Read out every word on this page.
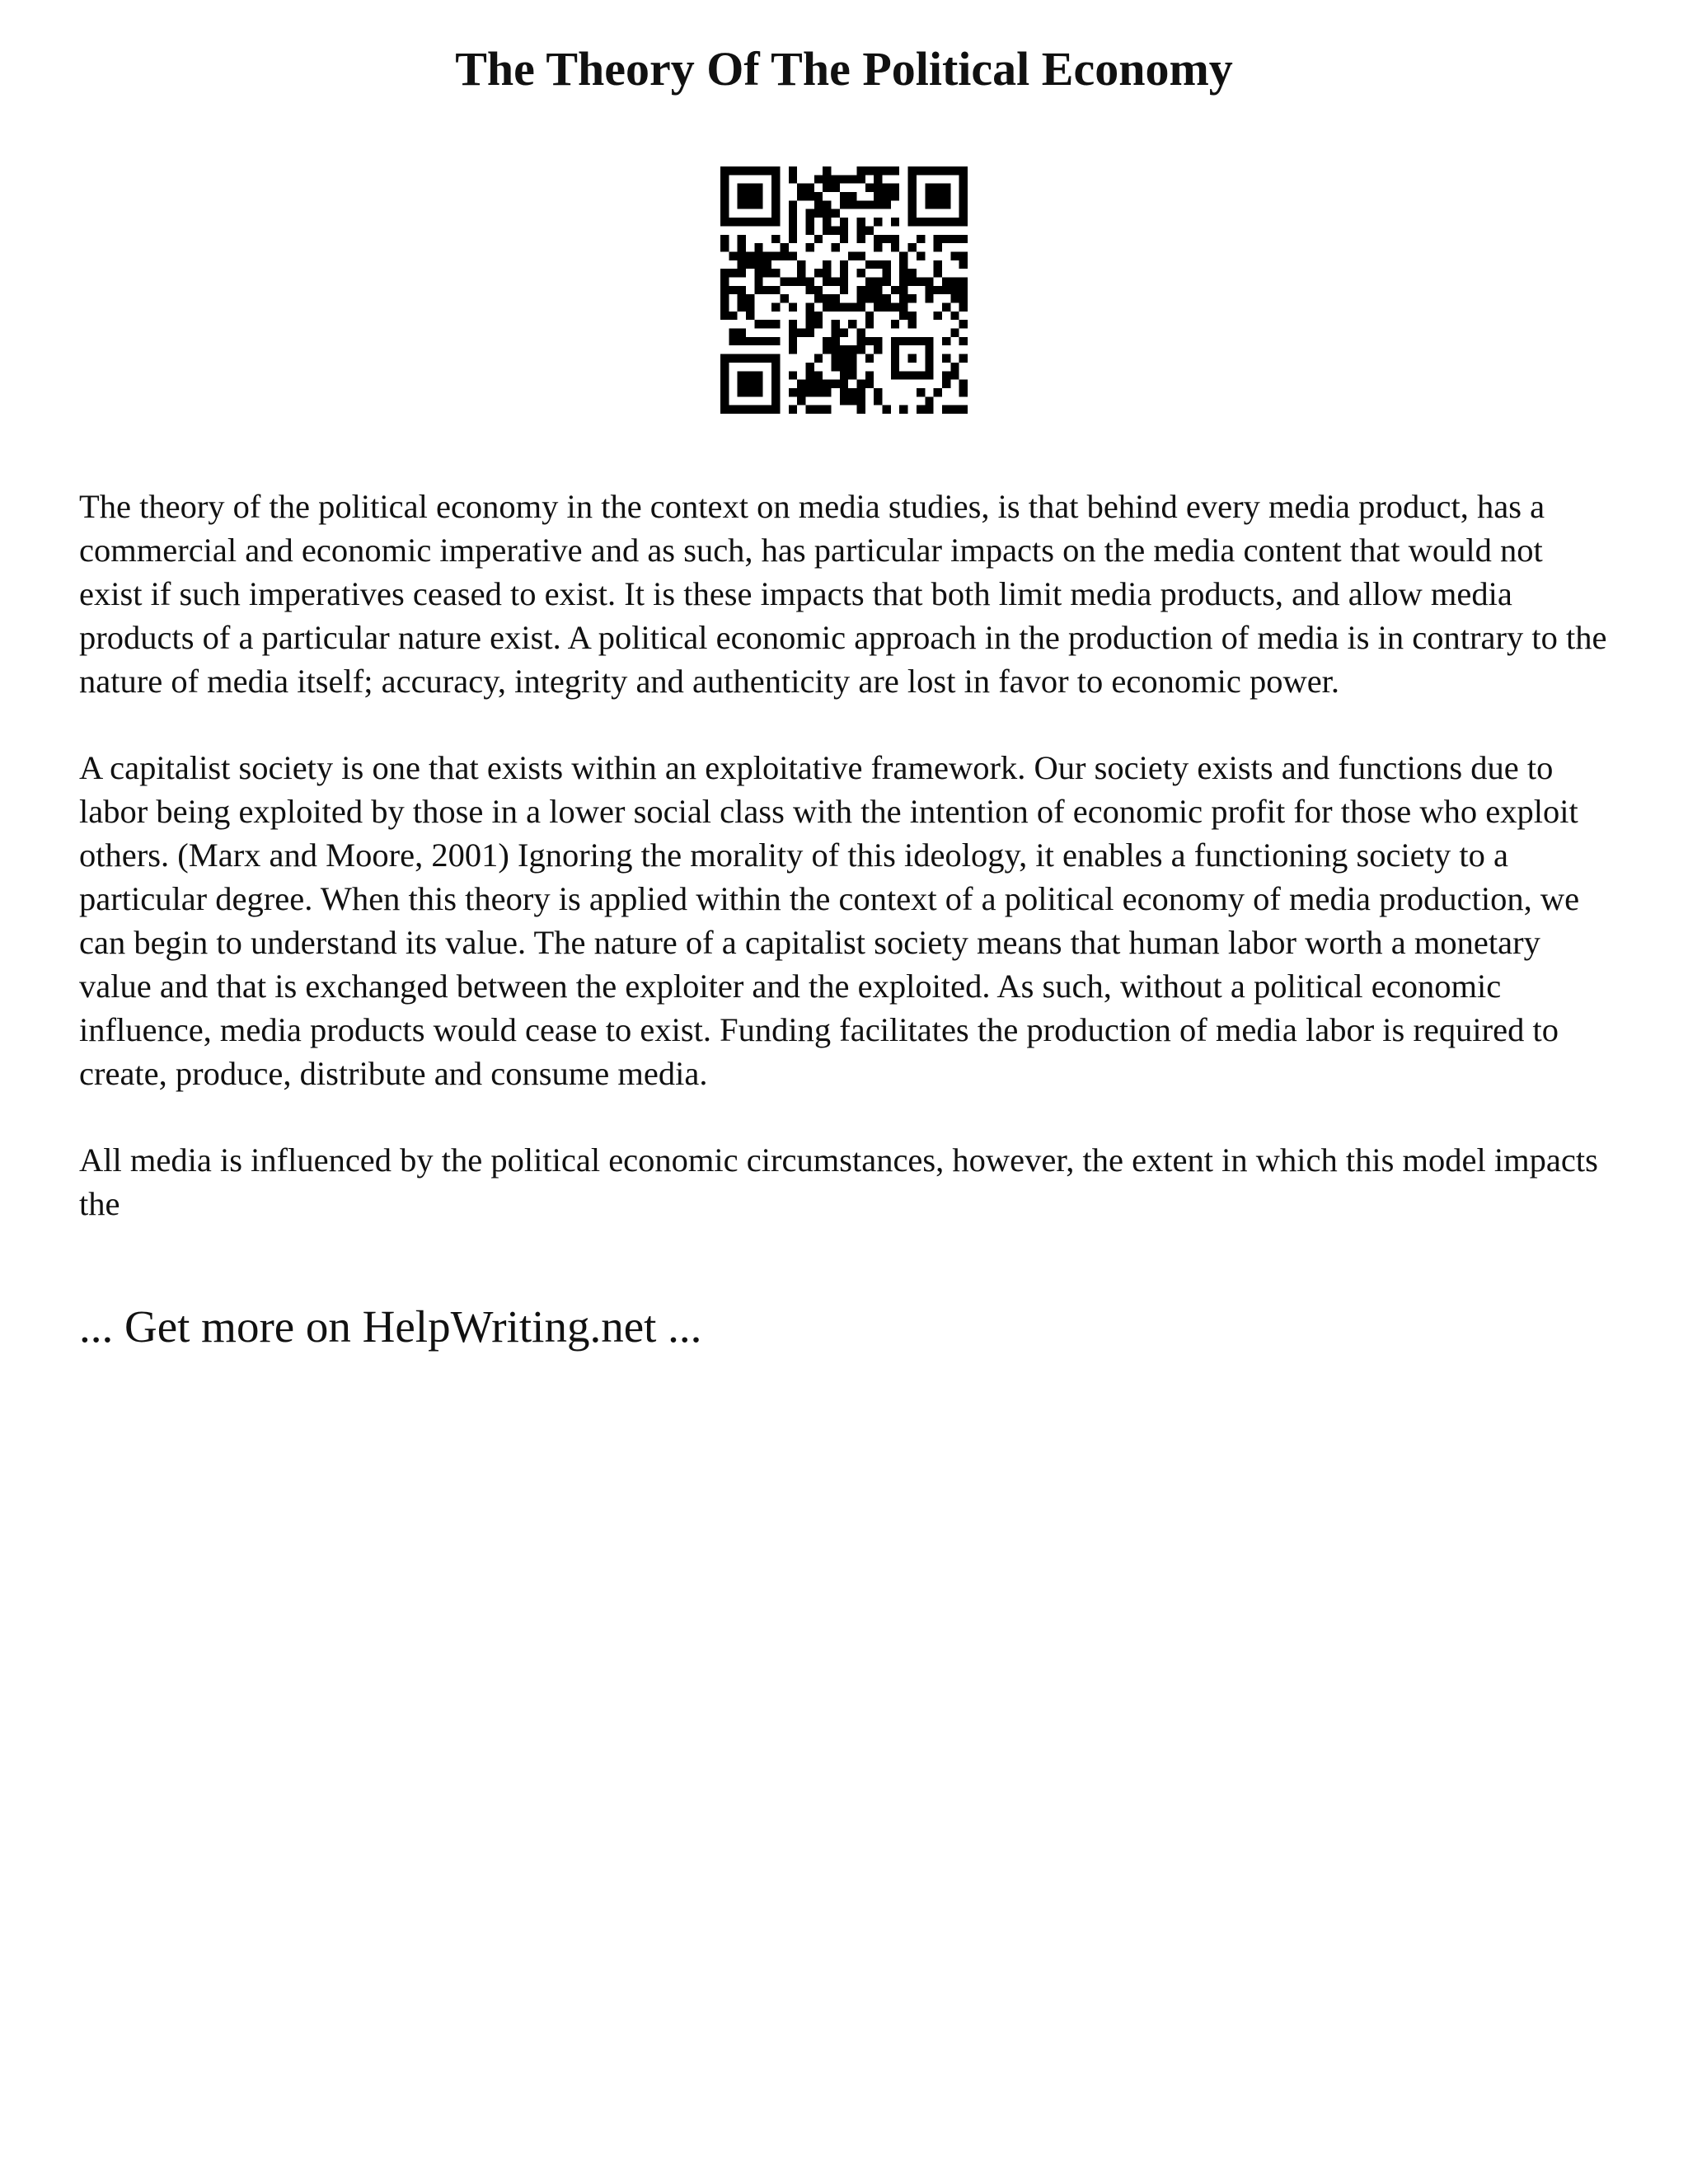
The Theory Of The Political Economy

The theory of the political economy in the context on media studies, is that behind every media product, has a commercial and economic imperative and as such, has particular impacts on the media content that would not exist if such imperatives ceased to exist. It is these impacts that both limit media products, and allow media products of a particular nature exist. A political economic approach in the production of media is in contrary to the nature of media itself; accuracy, integrity and authenticity are lost in favor to economic power.

A capitalist society is one that exists within an exploitative framework. Our society exists and functions due to labor being exploited by those in a lower social class with the intention of economic profit for those who exploit others. (Marx and Moore, 2001) Ignoring the morality of this ideology, it enables a functioning society to a particular degree. When this theory is applied within the context of a political economy of media production, we can begin to understand its value. The nature of a capitalist society means that human labor worth a monetary value and that is exchanged between the exploiter and the exploited. As such, without a political economic influence, media products would cease to exist. Funding facilitates the production of media labor is required to create, produce, distribute and consume media.

All media is influenced by the political economic circumstances, however, the extent in which this model impacts the

... Get more on HelpWriting.net ...
